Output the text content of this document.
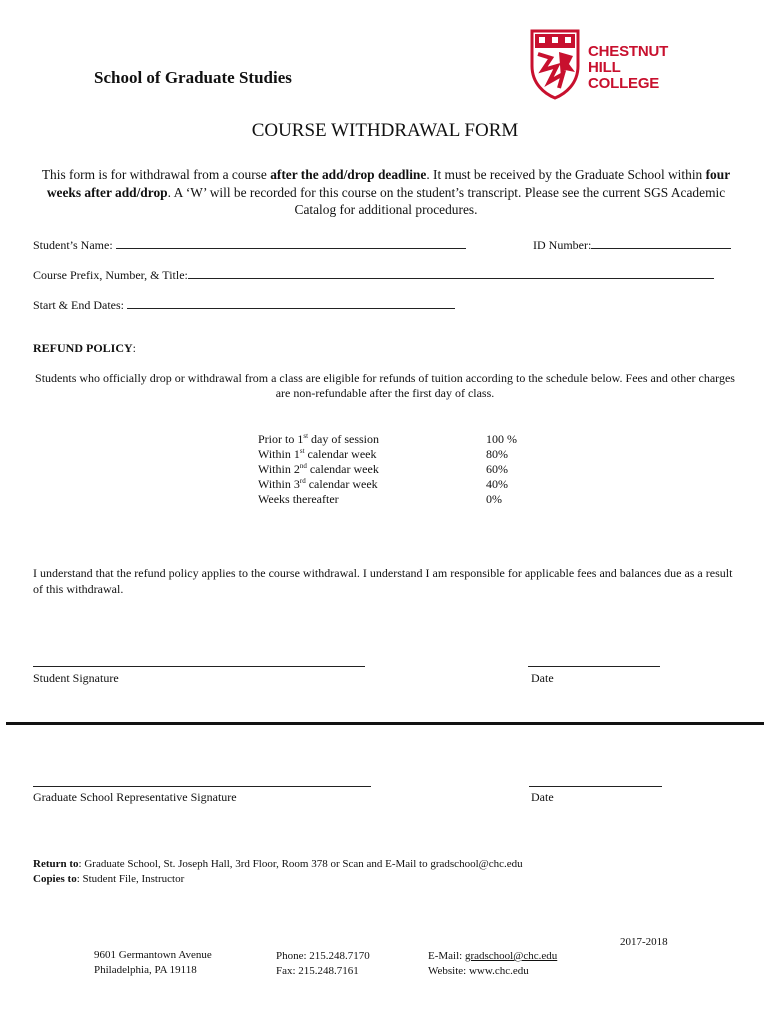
School of Graduate Studies
CHESTNUT
HILL
COLLEGE
COURSE WITHDRAWAL FORM
This form is for withdrawal from a course after the add/drop deadline. It must be received by the Graduate School within four weeks after add/drop. A ‘W’ will be recorded for this course on the student’s transcript. Please see the current SGS Academic Catalog for additional procedures.
Student’s Name:	ID Number:
Course Prefix, Number, & Title:
Start & End Dates:
REFUND POLICY:
Students who officially drop or withdrawal from a class are eligible for refunds of tuition according to the schedule below. Fees and other charges are non-refundable after the first day of class.
Prior to 1st day of session	100 %
Within 1st calendar week	80%
Within 2nd calendar week	60%
Within 3rd calendar week	40%
Weeks thereafter	0%
I understand that the refund policy applies to the course withdrawal. I understand I am responsible for applicable fees and balances due as a result of this withdrawal.
Student Signature	Date
Graduate School Representative Signature	Date
Return to: Graduate School, St. Joseph Hall, 3rd Floor, Room 378 or Scan and E-Mail to gradschool@chc.edu
Copies to: Student File, Instructor
2017-2018
9601 Germantown Avenue
Philadelphia, PA 19118
Phone: 215.248.7170
Fax: 215.248.7161
E-Mail: gradschool@chc.edu
Website: www.chc.edu
